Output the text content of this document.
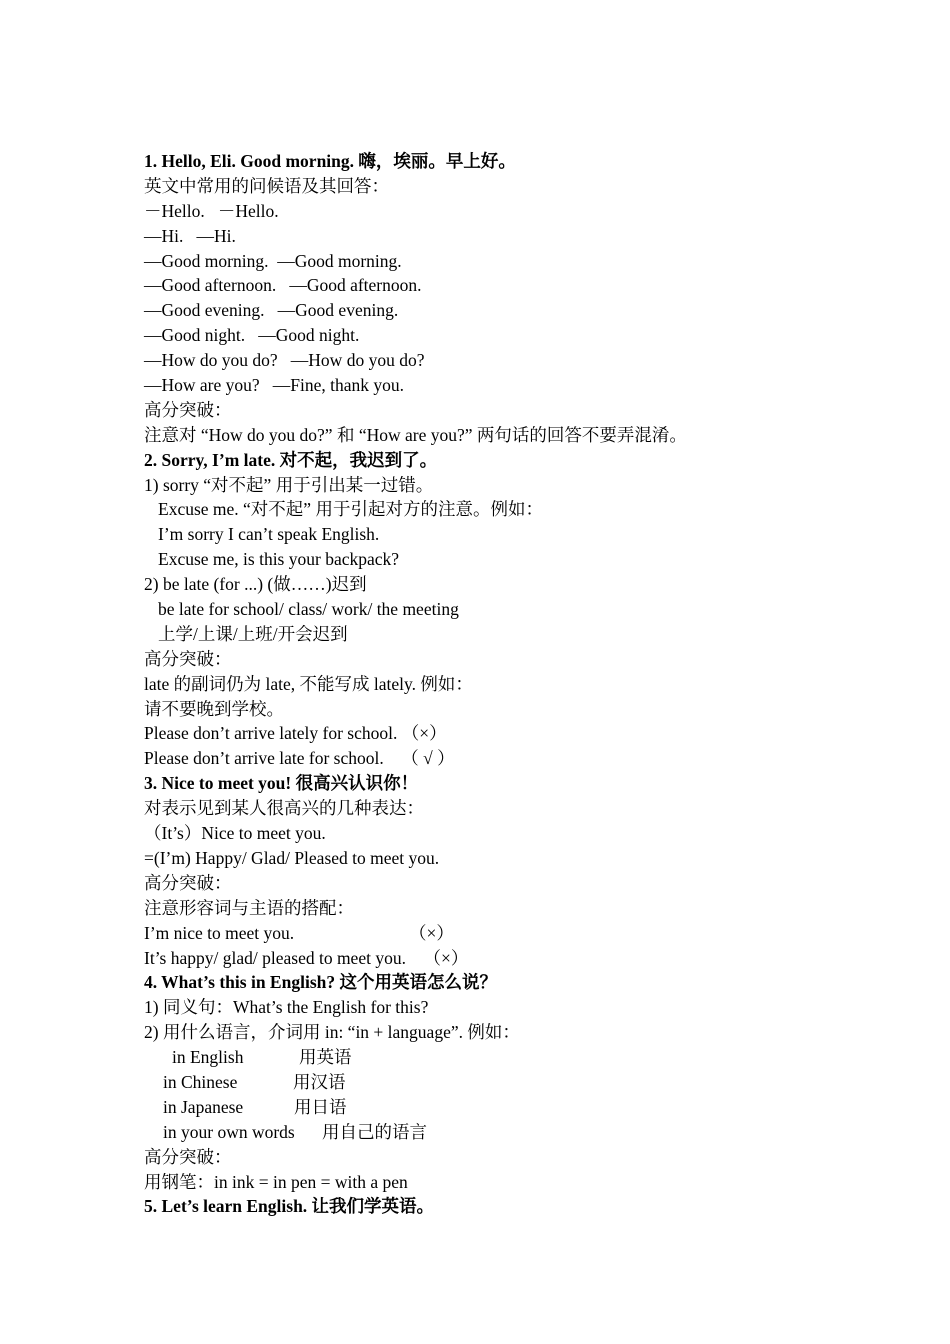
1. Hello, Eli. Good morning. 嗨，埃丽。早上好。
英文中常用的问候语及其回答：
－Hello.   －Hello.
—Hi.   —Hi.
—Good morning.  —Good morning.
—Good afternoon.   —Good afternoon.
—Good evening.   —Good evening.
—Good night.   —Good night.
—How do you do?   —How do you do?
—How are you?   —Fine, thank you.
高分突破：
注意对 “How do you do?” 和 “How are you?” 两句话的回答不要弄混淆。
2. Sorry, I’m late. 对不起，我迟到了。
1) sorry “对不起” 用于引出某一过错。
Excuse me. “对不起” 用于引起对方的注意。例如：
I’m sorry I can’t speak English.
Excuse me, is this your backpack?
2) be late (for ...) (做……)迟到
be late for school/ class/ work/ the meeting
上学/上课/上班/开会迟到
高分突破：
late 的副词仍为 late, 不能写成 lately. 例如：
请不要晚到学校。
Please don’t arrive lately for school. （×）
Please don’t arrive late for school.    （ √ ）
3. Nice to meet you! 很高兴认识你！
对表示见到某人很高兴的几种表达：
（It’s）Nice to meet you.
=(I’m) Happy/ Glad/ Pleased to meet you.
高分突破：
注意形容词与主语的搭配：
I’m nice to meet you.	（×）
It’s happy/ glad/ pleased to meet you.    （×）
4. What’s this in English? 这个用英语怎么说？
1) 同义句：What’s the English for this?
2) 用什么语言，介词用 in: “in + language”. 例如：
in English	用英语
in Chinese	用汉语
in Japanese	用日语
in your own words	用自己的语言
高分突破：
用钢笔：in ink = in pen = with a pen
5. Let’s learn English. 让我们学英语。
